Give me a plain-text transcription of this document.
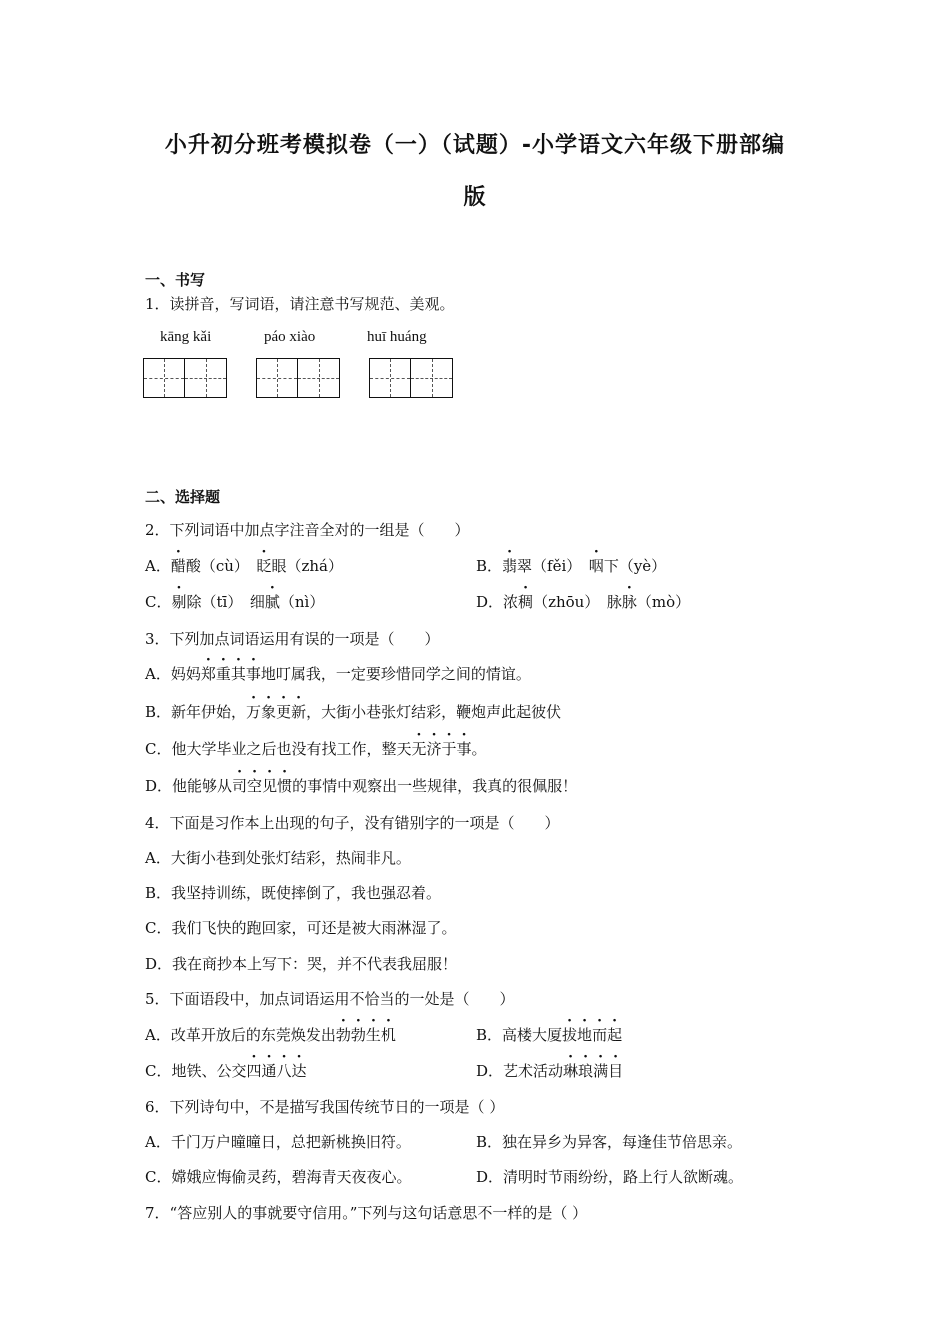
小升初分班考模拟卷（一）（试题）-小学语文六年级下册部编
版
一、书写
1．读拼音，写词语，请注意书写规范、美观。
kāng kǎi	páo xiào	huī huáng
二、选择题
2．下列词语中加点字注音全对的一组是（　　）
A．醋酸（cù）　 眨眼（zhá）	B．翡翠（fěi）　 咽下（yè）
C．剔除（tī）　 细腻（nì）	D．浓稠（zhōu）　 脉脉（mò）
3．下列加点词语运用有误的一项是（　　）
A．妈妈郑重其事地叮属我，一定要珍惜同学之间的情谊。
B．新年伊始，万象更新，大街小巷张灯结彩，鞭炮声此起彼伏
C．他大学毕业之后也没有找工作，整天无济于事。
D．他能够从司空见惯的事情中观察出一些规律，我真的很佩服！
4．下面是习作本上出现的句子，没有错别字的一项是（　　）
A．大街小巷到处张灯结彩，热闹非凡。
B．我坚持训练，既使摔倒了，我也强忍着。
C．我们飞快的跑回家，可还是被大雨淋湿了。
D．我在商抄本上写下：哭，并不代表我屈服！
5．下面语段中，加点词语运用不恰当的一处是（　　）
A．改革开放后的东莞焕发出勃勃生机	B．高楼大厦拔地而起
C．地铁、公交四通八达	D．艺术活动琳琅满目
6．下列诗句中，不是描写我国传统节日的一项是（ ）
A．千门万户曈曈日，总把新桃换旧符。	B．独在异乡为异客，每逢佳节倍思亲。
C．嫦娥应悔偷灵药，碧海青天夜夜心。	D．清明时节雨纷纷，路上行人欲断魂。
7．“答应别人的事就要守信用。”下列与这句话意思不一样的是（ ）
